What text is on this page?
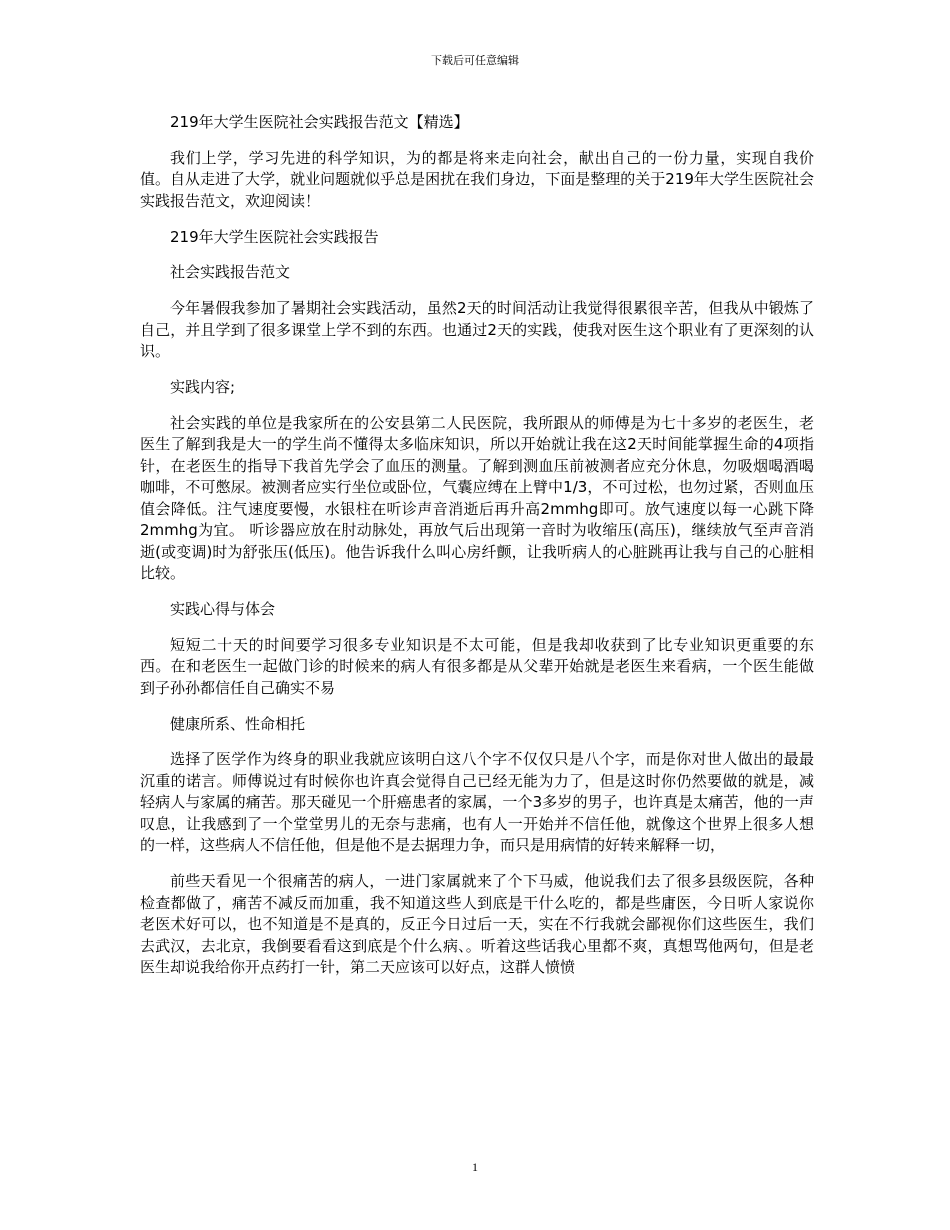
下载后可任意编辑

219年大学生医院社会实践报告范文【精选】

我们上学，学习先进的科学知识，为的都是将来走向社会，献出自己的一份力量，实现自我价值。自从走进了大学，就业问题就似乎总是困扰在我们身边，下面是整理的关于219年大学生医院社会实践报告范文，欢迎阅读！

219年大学生医院社会实践报告

社会实践报告范文

今年暑假我参加了暑期社会实践活动，虽然2天的时间活动让我觉得很累很辛苦，但我从中锻炼了自己，并且学到了很多课堂上学不到的东西。也通过2天的实践，使我对医生这个职业有了更深刻的认识。

实践内容;

社会实践的单位是我家所在的公安县第二人民医院，我所跟从的师傅是为七十多岁的老医生，老医生了解到我是大一的学生尚不懂得太多临床知识，所以开始就让我在这2天时间能掌握生命的4项指针，在老医生的指导下我首先学会了血压的测量。了解到测血压前被测者应充分休息，勿吸烟喝酒喝咖啡，不可憋尿。被测者应实行坐位或卧位，气囊应缚在上臂中1/3，不可过松，也勿过紧，否则血压值会降低。注气速度要慢，水银柱在听诊声音消逝后再升高2mmhg即可。放气速度以每一心跳下降2mmhg为宜。 听诊器应放在肘动脉处，再放气后出现第一音时为收缩压(高压)，继续放气至声音消逝(或变调)时为舒张压(低压)。他告诉我什么叫心房纤颤，让我听病人的心脏跳再让我与自己的心脏相比较。

实践心得与体会

短短二十天的时间要学习很多专业知识是不太可能，但是我却收获到了比专业知识更重要的东西。在和老医生一起做门诊的时候来的病人有很多都是从父辈开始就是老医生来看病，一个医生能做到子孙孙都信任自己确实不易

健康所系、性命相托

选择了医学作为终身的职业我就应该明白这八个字不仅仅只是八个字，而是你对世人做出的最最沉重的诺言。师傅说过有时候你也许真会觉得自己已经无能为力了，但是这时你仍然要做的就是，减轻病人与家属的痛苦。那天碰见一个肝癌患者的家属，一个3多岁的男子，也许真是太痛苦，他的一声叹息，让我感到了一个堂堂男儿的无奈与悲痛，也有人一开始并不信任他，就像这个世界上很多人想的一样，这些病人不信任他，但是他不是去据理力争，而只是用病情的好转来解释一切，

前些天看见一个很痛苦的病人，一进门家属就来了个下马威，他说我们去了很多县级医院，各种检查都做了，痛苦不减反而加重，我不知道这些人到底是干什么吃的，都是些庸医，今日听人家说你老医术好可以，也不知道是不是真的，反正今日过后一天，实在不行我就会鄙视你们这些医生，我们去武汉，去北京，我倒要看看这到底是个什么病、。听着这些话我心里都不爽，真想骂他两句，但是老医生却说我给你开点药打一针，第二天应该可以好点，这群人愤愤

1
